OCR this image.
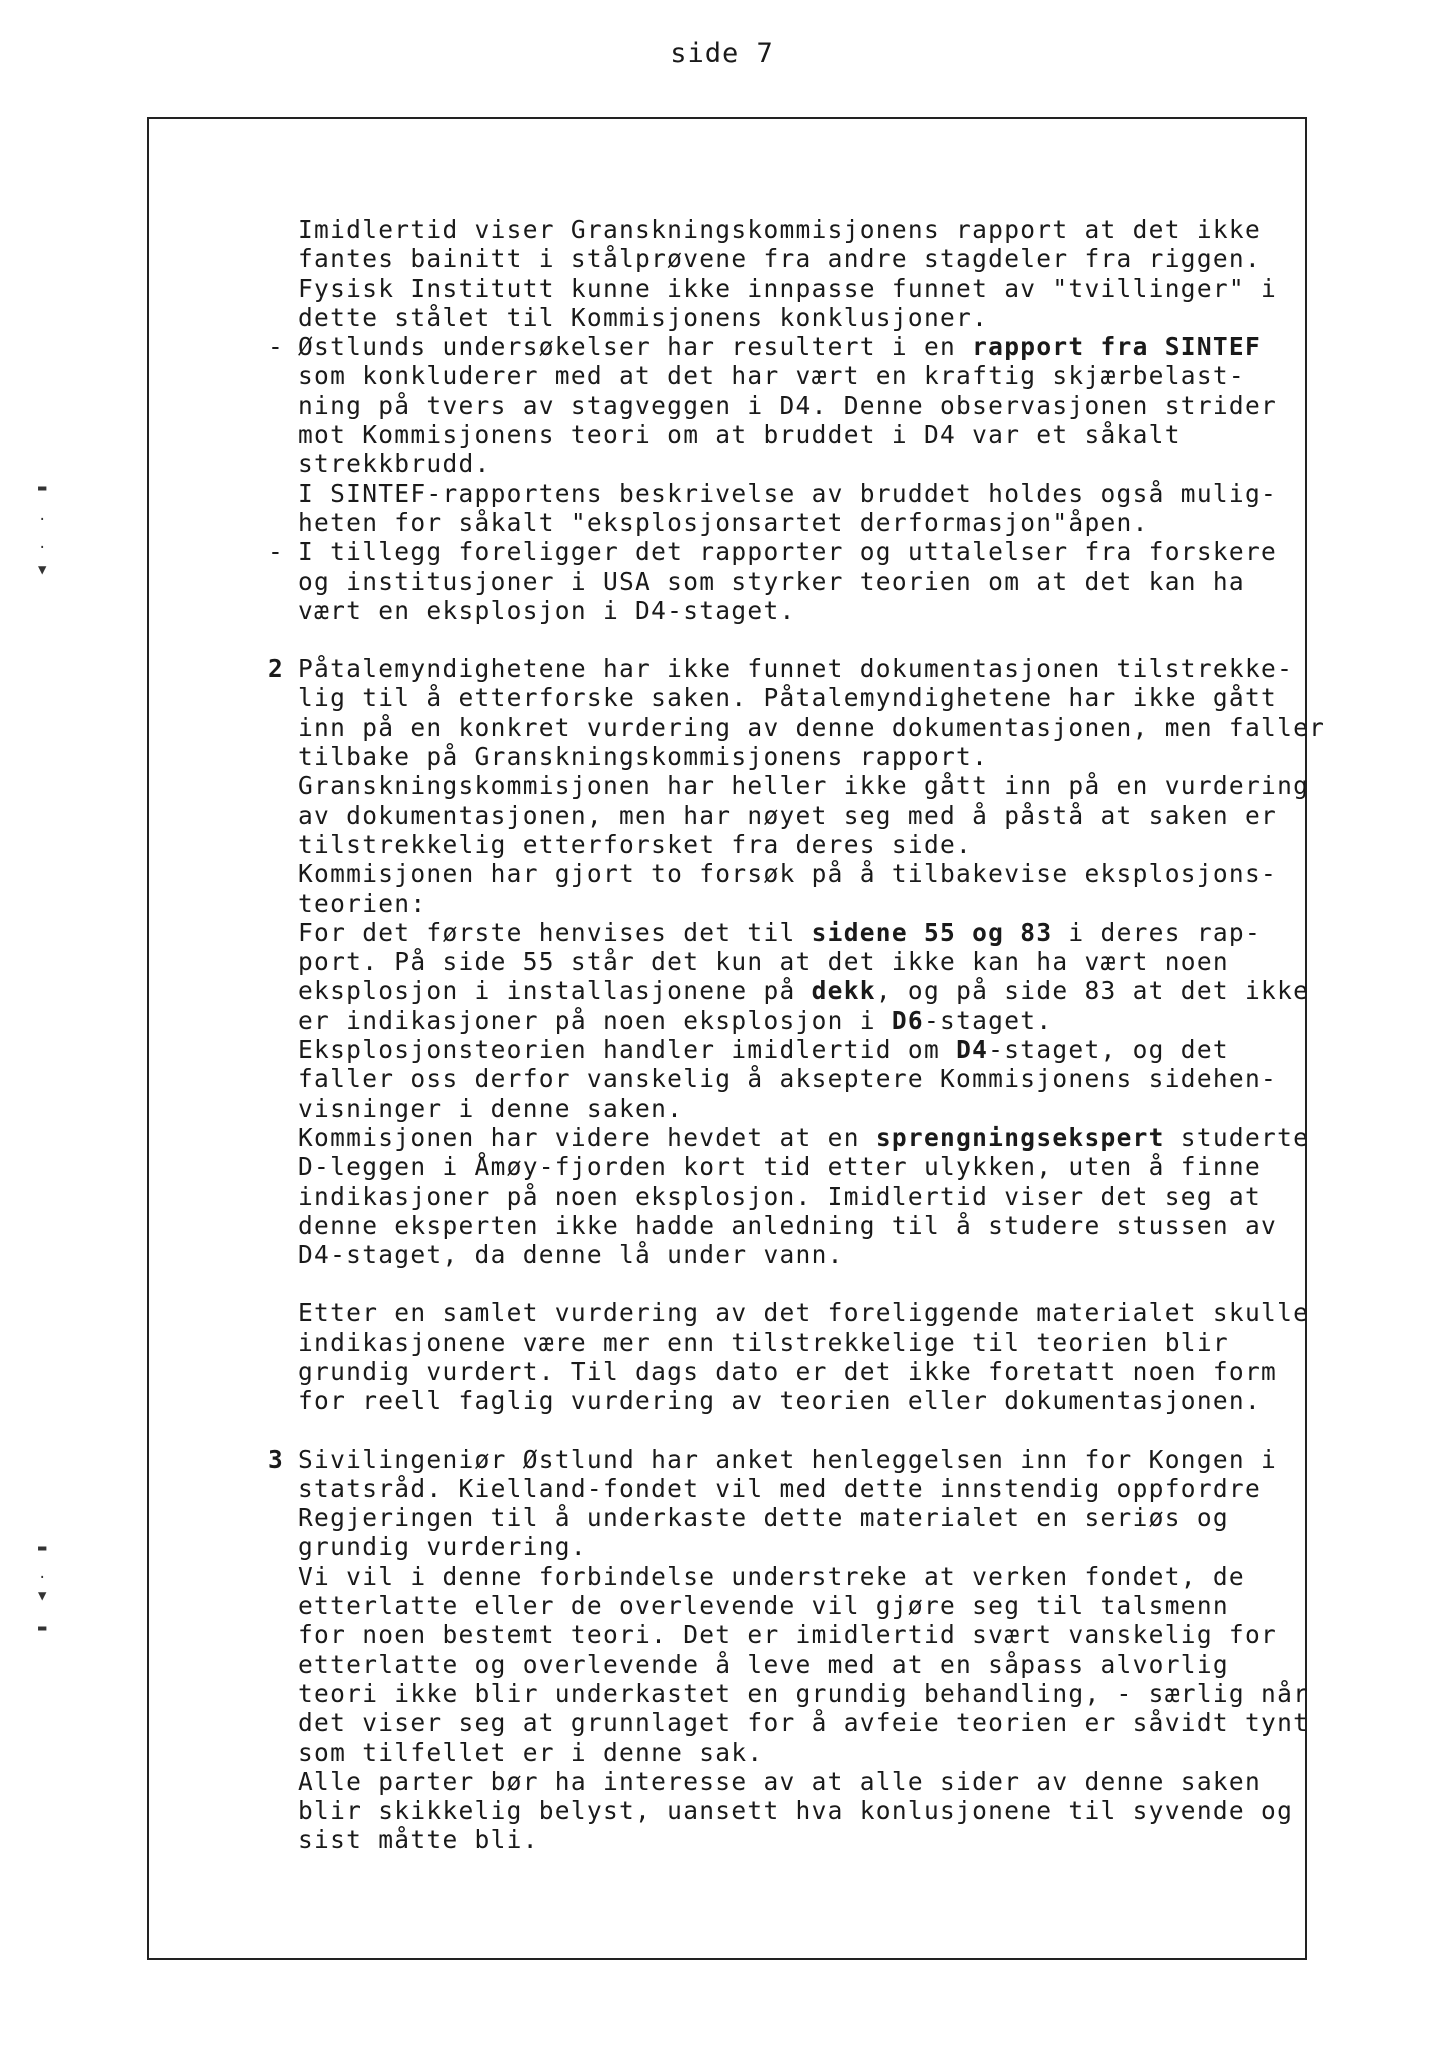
side 7
▬
·
·
▼
▬
·
▼
▬
Imidlertid viser Granskningskommisjonens rapport at det ikke
fantes bainitt i stålprøvene fra andre stagdeler fra riggen.
Fysisk Institutt kunne ikke innpasse funnet av "tvillinger" i
dette stålet til Kommisjonens konklusjoner.
- Østlunds undersøkelser har resultert i en rapport fra SINTEF
som konkluderer med at det har vært en kraftig skjærbelast-
ning på tvers av stagveggen i D4. Denne observasjonen strider
mot Kommisjonens teori om at bruddet i D4 var et såkalt
strekkbrudd.
I SINTEF-rapportens beskrivelse av bruddet holdes også mulig-
heten for såkalt "eksplosjonsartet derformasjon"åpen.
- I tillegg foreligger det rapporter og uttalelser fra forskere
og institusjoner i USA som styrker teorien om at det kan ha
vært en eksplosjon i D4-staget.
2 Påtalemyndighetene har ikke funnet dokumentasjonen tilstrekke-
lig til å etterforske saken. Påtalemyndighetene har ikke gått
inn på en konkret vurdering av denne dokumentasjonen, men faller
tilbake på Granskningskommisjonens rapport.
Granskningskommisjonen har heller ikke gått inn på en vurdering
av dokumentasjonen, men har nøyet seg med å påstå at saken er
tilstrekkelig etterforsket fra deres side.
Kommisjonen har gjort to forsøk på å tilbakevise eksplosjons-
teorien:
For det første henvises det til sidene 55 og 83 i deres rap-
port. På side 55 står det kun at det ikke kan ha vært noen
eksplosjon i installasjonene på dekk, og på side 83 at det ikke
er indikasjoner på noen eksplosjon i D6-staget.
Eksplosjonsteorien handler imidlertid om D4-staget, og det
faller oss derfor vanskelig å akseptere Kommisjonens sidehen-
visninger i denne saken.
Kommisjonen har videre hevdet at en sprengningsekspert studerte
D-leggen i Åmøy-fjorden kort tid etter ulykken, uten å finne
indikasjoner på noen eksplosjon. Imidlertid viser det seg at
denne eksperten ikke hadde anledning til å studere stussen av
D4-staget, da denne lå under vann.
Etter en samlet vurdering av det foreliggende materialet skulle
indikasjonene være mer enn tilstrekkelige til teorien blir
grundig vurdert. Til dags dato er det ikke foretatt noen form
for reell faglig vurdering av teorien eller dokumentasjonen.
3 Sivilingeniør Østlund har anket henleggelsen inn for Kongen i
statsråd. Kielland-fondet vil med dette innstendig oppfordre
Regjeringen til å underkaste dette materialet en seriøs og
grundig vurdering.
Vi vil i denne forbindelse understreke at verken fondet, de
etterlatte eller de overlevende vil gjøre seg til talsmenn
for noen bestemt teori. Det er imidlertid svært vanskelig for
etterlatte og overlevende å leve med at en såpass alvorlig
teori ikke blir underkastet en grundig behandling, - særlig når
det viser seg at grunnlaget for å avfeie teorien er såvidt tynt
som tilfellet er i denne sak.
Alle parter bør ha interesse av at alle sider av denne saken
blir skikkelig belyst, uansett hva konlusjonene til syvende og
sist måtte bli.
